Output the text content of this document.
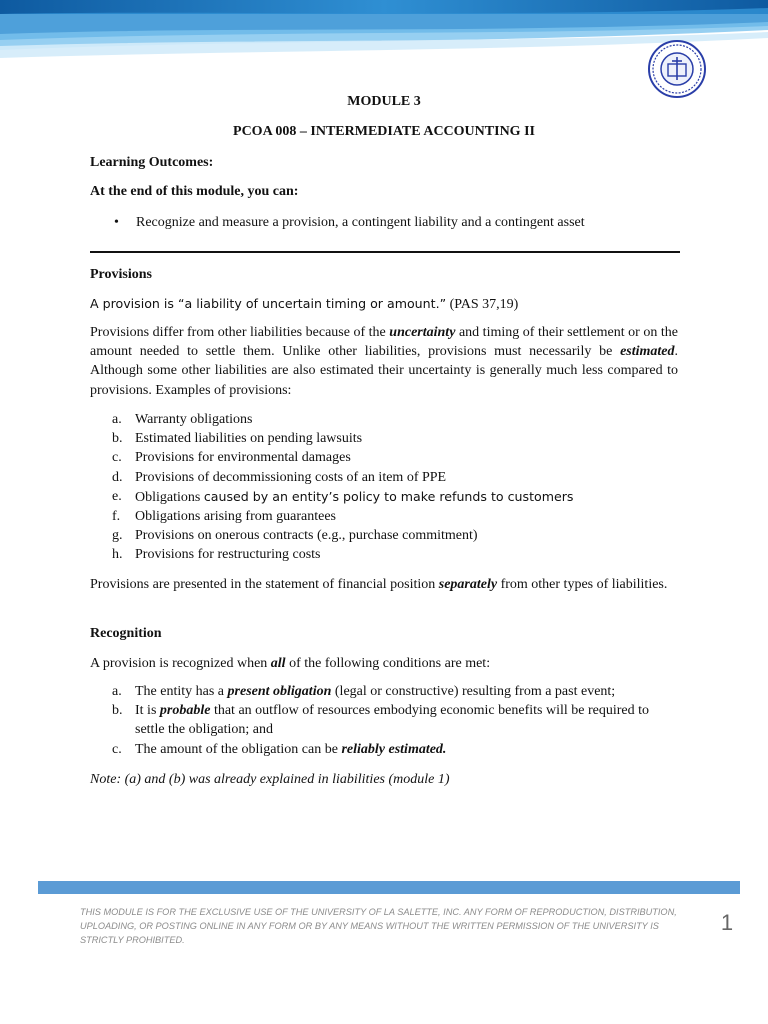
MODULE 3
PCOA 008 – INTERMEDIATE ACCOUNTING II
Learning Outcomes:
At the end of this module, you can:
• Recognize and measure a provision, a contingent liability and a contingent asset
Provisions
A provision is “a liability of uncertain timing or amount.” (PAS 37,19)
Provisions differ from other liabilities because of the uncertainty and timing of their settlement or on the amount needed to settle them. Unlike other liabilities, provisions must necessarily be estimated. Although some other liabilities are also estimated their uncertainty is generally much less compared to provisions. Examples of provisions:
a. Warranty obligations
b. Estimated liabilities on pending lawsuits
c. Provisions for environmental damages
d. Provisions of decommissioning costs of an item of PPE
e. Obligations caused by an entity’s policy to make refunds to customers
f. Obligations arising from guarantees
g. Provisions on onerous contracts (e.g., purchase commitment)
h. Provisions for restructuring costs
Provisions are presented in the statement of financial position separately from other types of liabilities.
Recognition
A provision is recognized when all of the following conditions are met:
a. The entity has a present obligation (legal or constructive) resulting from a past event;
b. It is probable that an outflow of resources embodying economic benefits will be required to settle the obligation; and
c. The amount of the obligation can be reliably estimated.
Note: (a) and (b) was already explained in liabilities (module 1)
THIS MODULE IS FOR THE EXCLUSIVE USE OF THE UNIVERSITY OF LA SALETTE, INC. ANY FORM OF REPRODUCTION, DISTRIBUTION, UPLOADING, OR POSTING ONLINE IN ANY FORM OR BY ANY MEANS WITHOUT THE WRITTEN PERMISSION OF THE UNIVERSITY IS STRICTLY PROHIBITED.
1
